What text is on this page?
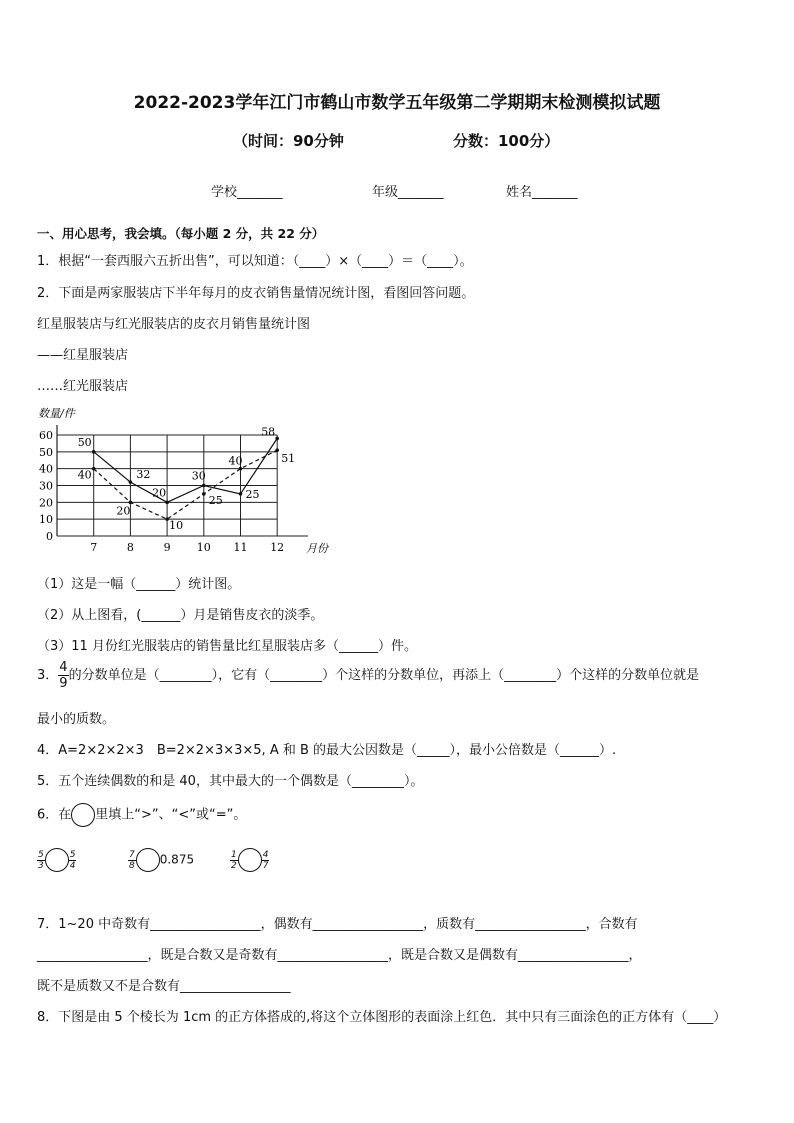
2022-2023学年江门市鹤山市数学五年级第二学期期末检测模拟试题
（时间：90分钟	分数：100分）
学校_______	年级_______	姓名_______
一、用心思考，我会填。（每小题 2 分，共 22 分）
1．根据“一套西服六五折出售”，可以知道：（____）×（____）＝（____）。
2．下面是两家服装店下半年每月的皮衣销售量情况统计图，看图回答问题。
红星服装店与红光服装店的皮衣月销售量统计图
——红星服装店
……红光服装店
数量/件
0
10
20
30
40
50
60
7	8	9 10 11 12
50
32
20
30
25
58
40
20
10
25
40	51
月份
（1）这是一幅（______）统计图。
（2）从上图看，(______）月是销售皮衣的淡季。
（3）11 月份红光服装店的销售量比红星服装店多（______）件。
3． $\frac{4}{9}$ 的分数单位是（________），它有（________）个这样的分数单位，再添上（________）个这样的分数单位就是
最小的质数。
4．A=2×2×2×3　B=2×2×3×3×5, A 和 B 的最大公因数是（_____），最小公倍数是（______）.
5．五个连续偶数的和是 40，其中最大的一个偶数是（________）。
6．在 里填上“>”、“<”或“=”。
$\frac{5}{3}$	$\frac{5}{4}$	$\frac{7}{8} 0.875$	$\frac{1}{2}$	$\frac{4}{7}$
7．1~20 中奇数有_________________，偶数有_________________，质数有_________________，合数有
_________________，既是合数又是奇数有_________________，既是合数又是偶数有_________________，
既不是质数又不是合数有_________________
8．下图是由 5 个棱长为 1cm 的正方体搭成的,将这个立体图形的表面涂上红色．其中只有三面涂色的正方体有（____）
